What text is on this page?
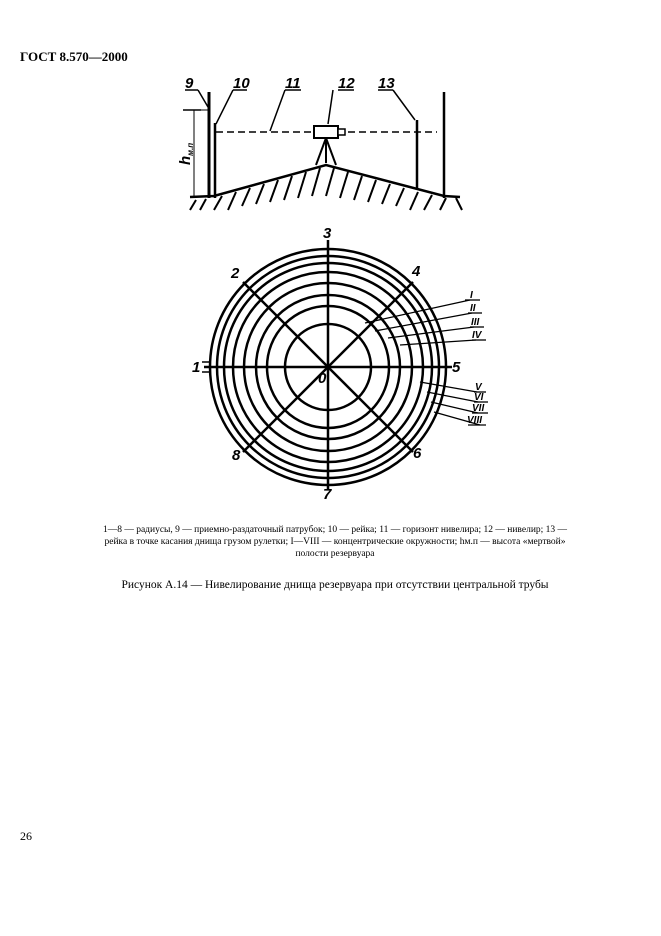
ГОСТ 8.570—2000
9	10 11 12 13
$h_{м.п}$
1
2
3
4
5
6
7
8
0
I
II
III
IV
V
VI
VII
VIII
1—8 — радиусы, 9 — приемно-раздаточный патрубок; 10 — рейка; 11 — горизонт нивелира; 12 — нивелир; 13 — рейка в точке касания днища грузом рулетки; I—VIII — концентрические окружности; hм.п — высота «мертвой» полости резервуара
Рисунок А.14 — Нивелирование днища резервуара при отсутствии центральной трубы
26
